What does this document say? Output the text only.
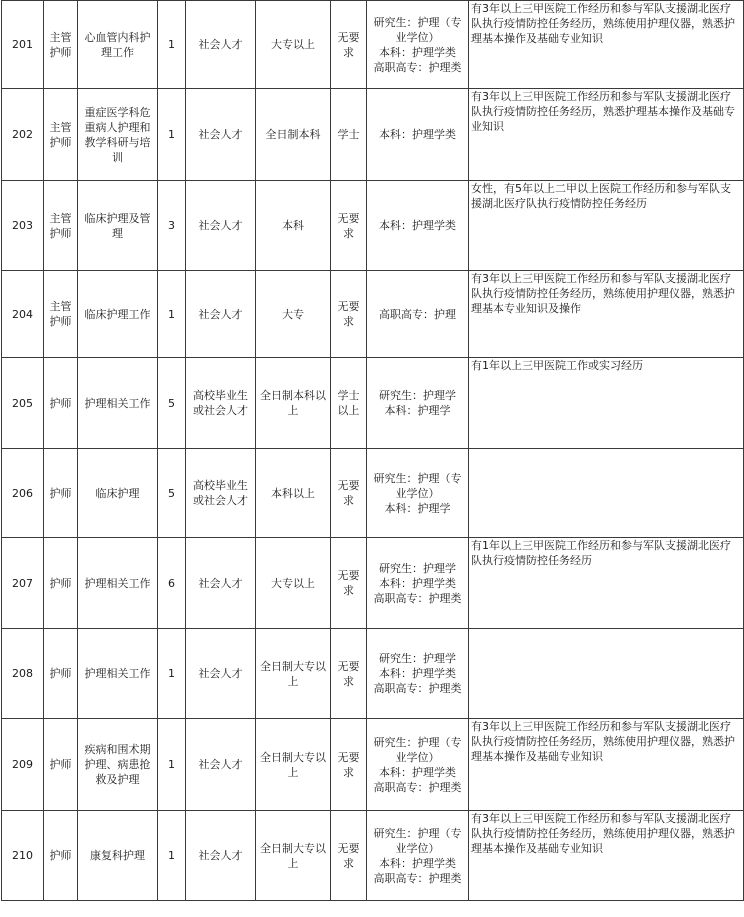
201	主管护师	心血管内科护理工作	1	社会人才	大专以上	无要求	研究生：护理（专业学位）
本科：护理学类
高职高专：护理类	有3年以上三甲医院工作经历和参与军队支援湖北医疗队执行疫情防控任务经历，熟练使用护理仪器，熟悉护理基本操作及基础专业知识
202	主管护师	重症医学科危重病人护理和教学科研与培训	1	社会人才	全日制本科	学士	本科：护理学类	有3年以上三甲医院工作经历和参与军队支援湖北医疗队执行疫情防控任务经历，熟悉护理基本操作及基础专业知识
203	主管护师	临床护理及管理	3	社会人才	本科	无要求	本科：护理学类	女性，有5年以上二甲以上医院工作经历和参与军队支援湖北医疗队执行疫情防控任务经历
204	主管护师	临床护理工作	1	社会人才	大专	无要求	高职高专：护理	有3年以上三甲医院工作经历和参与军队支援湖北医疗队执行疫情防控任务经历，熟练使用护理仪器，熟悉护理基本专业知识及操作
205	护师	护理相关工作	5	高校毕业生或社会人才	全日制本科以上	学士以上	研究生：护理学
本科：护理学	有1年以上三甲医院工作或实习经历
206	护师	临床护理	5	高校毕业生或社会人才	本科以上	无要求	研究生：护理（专业学位）
本科：护理学	

207	护师	护理相关工作	6	社会人才	大专以上	无要求	研究生：护理学
本科：护理学类
高职高专：护理类	有1年以上三甲医院工作经历和参与军队支援湖北医疗队执行疫情防控任务经历
208	护师	护理相关工作	1	社会人才	全日制大专以上	无要求	研究生：护理学
本科：护理学类
高职高专：护理类	

209	护师	疾病和围术期护理、病患抢救及护理	1	社会人才	全日制大专以上	无要求	研究生：护理（专业学位）
本科：护理学类
高职高专：护理类	有3年以上三甲医院工作经历和参与军队支援湖北医疗队执行疫情防控任务经历，熟练使用护理仪器，熟悉护理基本操作及基础专业知识
210	护师	康复科护理	1	社会人才	全日制大专以上	无要求	研究生：护理（专业学位）
本科：护理学类
高职高专：护理类	有3年以上三甲医院工作经历和参与军队支援湖北医疗队执行疫情防控任务经历，熟练使用护理仪器，熟悉护理基本操作及基础专业知识
